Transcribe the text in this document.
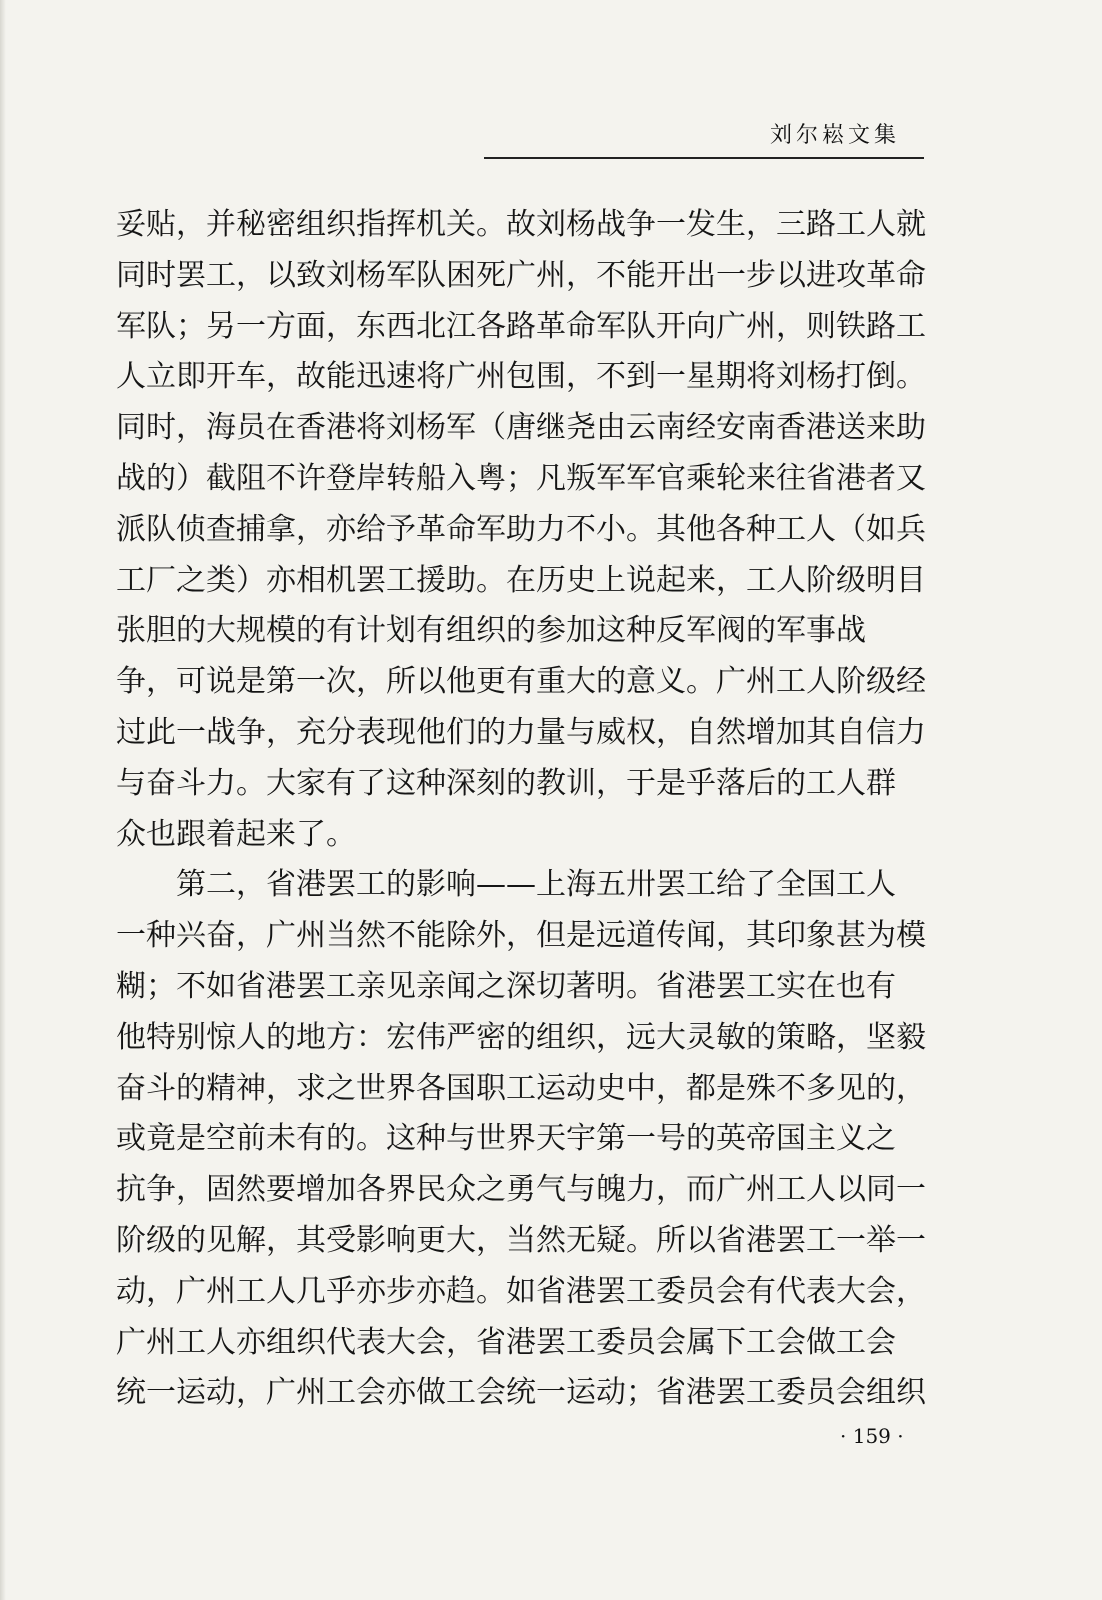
刘尔崧文集
妥贴，并秘密组织指挥机关。故刘杨战争一发生，三路工人就
同时罢工，以致刘杨军队困死广州，不能开出一步以进攻革命
军队；另一方面，东西北江各路革命军队开向广州，则铁路工
人立即开车，故能迅速将广州包围，不到一星期将刘杨打倒。
同时，海员在香港将刘杨军（唐继尧由云南经安南香港送来助
战的）截阻不许登岸转船入粤；凡叛军军官乘轮来往省港者又
派队侦查捕拿，亦给予革命军助力不小。其他各种工人（如兵
工厂之类）亦相机罢工援助。在历史上说起来，工人阶级明目
张胆的大规模的有计划有组织的参加这种反军阀的军事战
争，可说是第一次，所以他更有重大的意义。广州工人阶级经
过此一战争，充分表现他们的力量与威权，自然增加其自信力
与奋斗力。大家有了这种深刻的教训，于是乎落后的工人群
众也跟着起来了。
　　第二，省港罢工的影响——上海五卅罢工给了全国工人
一种兴奋，广州当然不能除外，但是远道传闻，其印象甚为模
糊；不如省港罢工亲见亲闻之深切著明。省港罢工实在也有
他特别惊人的地方：宏伟严密的组织，远大灵敏的策略，坚毅
奋斗的精神，求之世界各国职工运动史中，都是殊不多见的，
或竟是空前未有的。这种与世界天宇第一号的英帝国主义之
抗争，固然要增加各界民众之勇气与魄力，而广州工人以同一
阶级的见解，其受影响更大，当然无疑。所以省港罢工一举一
动，广州工人几乎亦步亦趋。如省港罢工委员会有代表大会，
广州工人亦组织代表大会，省港罢工委员会属下工会做工会
统一运动，广州工会亦做工会统一运动；省港罢工委员会组织
· 159 ·
